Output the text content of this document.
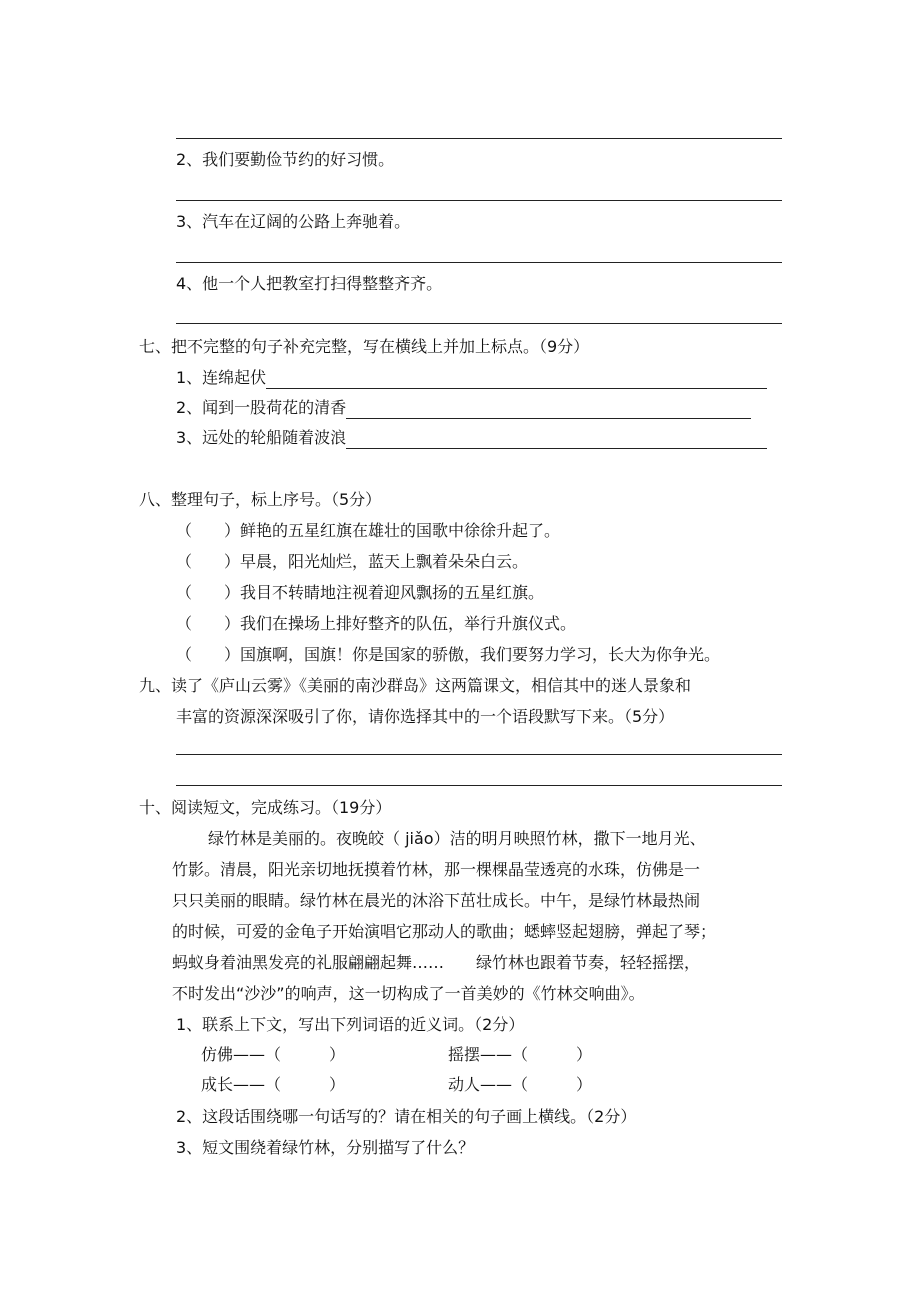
2、我们要勤俭节约的好习惯。
3、汽车在辽阔的公路上奔驰着。
4、他一个人把教室打扫得整整齐齐。
七、把不完整的句子补充完整，写在横线上并加上标点。（9分）
1、连绵起伏
2、闻到一股荷花的清香
3、远处的轮船随着波浪
八、整理句子，标上序号。（5分）
（　　）鲜艳的五星红旗在雄壮的国歌中徐徐升起了。
（　　）早晨，阳光灿烂，蓝天上飘着朵朵白云。
（　　）我目不转睛地注视着迎风飘扬的五星红旗。
（　　）我们在操场上排好整齐的队伍，举行升旗仪式。
（　　）国旗啊，国旗！你是国家的骄傲，我们要努力学习，长大为你争光。
九、读了《庐山云雾》《美丽的南沙群岛》这两篇课文，相信其中的迷人景象和
丰富的资源深深吸引了你，请你选择其中的一个语段默写下来。（5分）
十、阅读短文，完成练习。（19分）
绿竹林是美丽的。夜晚皎（ jiǎo）洁的明月映照竹林，撒下一地月光、
竹影。清晨，阳光亲切地抚摸着竹林，那一棵棵晶莹透亮的水珠，仿佛是一
只只美丽的眼睛。绿竹林在晨光的沐浴下茁壮成长。中午，是绿竹林最热闹
的时候，可爱的金龟子开始演唱它那动人的歌曲；蟋蟀竖起翅膀，弹起了琴；
蚂蚁身着油黑发亮的礼服翩翩起舞……　　绿竹林也跟着节奏，轻轻摇摆，
不时发出“沙沙”的响声，这一切构成了一首美妙的《竹林交响曲》。
1、联系上下文，写出下列词语的近义词。（2分）
仿佛——（　　　）	摇摆——（　　　）
成长——（　　　）	动人——（　　　）
2、这段话围绕哪一句话写的？请在相关的句子画上横线。（2分）
3、短文围绕着绿竹林，分别描写了什么？
